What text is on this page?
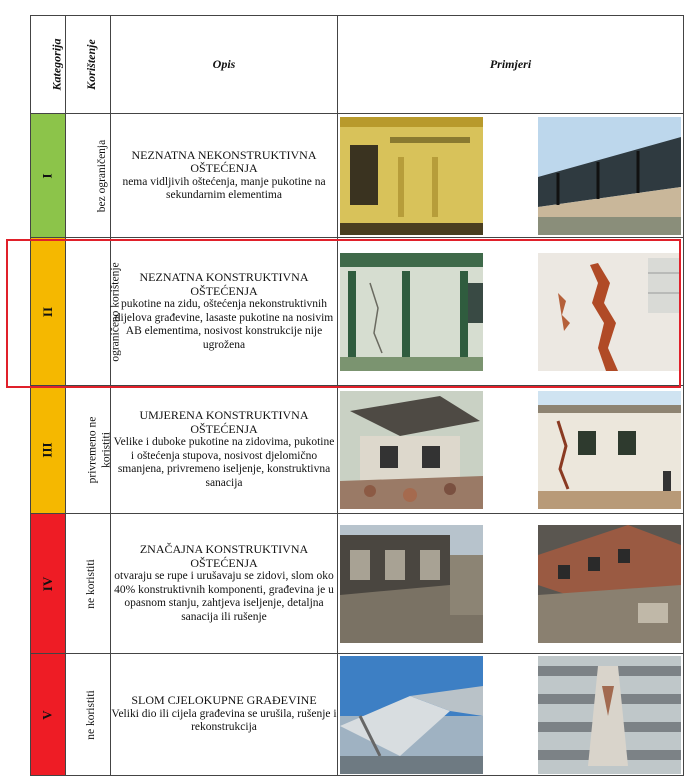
Kategorija	Korištenje	Opis	Primjeri
I	bez ograničenja	NEZNATNA NEKONSTRUKTIVNA OŠTEĆENJA
nema vidljivih oštećenja, manje pukotine na sekundarnim elementima	

II	ograničeno korištenje	NEZNATNA KONSTRUKTIVNA OŠTEĆENJA
pukotine na zidu, oštećenja nekonstruktivnih dijelova građevine, lasaste pukotine na nosivim AB elementima, nosivost konstrukcije nije ugrožena	

III	privremeno ne koristiti	UMJERENA KONSTRUKTIVNA OŠTEĆENJA
Velike i duboke pukotine na zidovima, pukotine i oštećenja stupova, nosivost djelomično smanjena, privremeno iseljenje, konstruktivna sanacija	

IV	ne koristiti	ZNAČAJNA KONSTRUKTIVNA OŠTEĆENJA
otvaraju se rupe i urušavaju se zidovi, slom oko 40% konstruktivnih komponenti, građevina je u opasnom stanju, zahtjeva iseljenje, detaljna sanacija ili rušenje	

V	ne koristiti	SLOM CJELOKUPNE GRAĐEVINE
Veliki dio ili cijela građevina se urušila, rušenje i rekonstrukcija	
